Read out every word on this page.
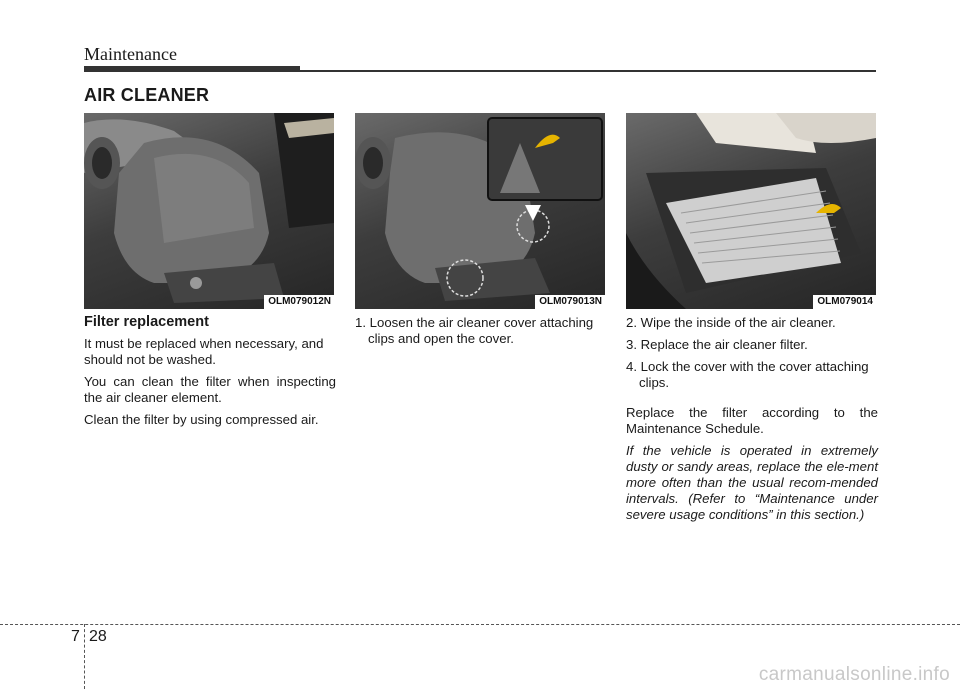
Maintenance
AIR CLEANER
OLM079012N	OLM079013N	OLM079014

Filter replacement

It must be replaced when necessary, and should not be washed.

You can clean the filter when inspecting the air cleaner element.

Clean the filter by using compressed air.

1. Loosen the air cleaner cover attaching clips and open the cover.

2. Wipe the inside of the air cleaner.

3. Replace the air cleaner filter.

4. Lock the cover with the cover attaching clips.

Replace the filter according to the Maintenance Schedule.

If the vehicle is operated in extremely dusty or sandy areas, replace the ele-ment more often than the usual recom-mended intervals. (Refer to “Maintenance under severe usage conditions” in this section.)

7 28
carmanualsonline.info
